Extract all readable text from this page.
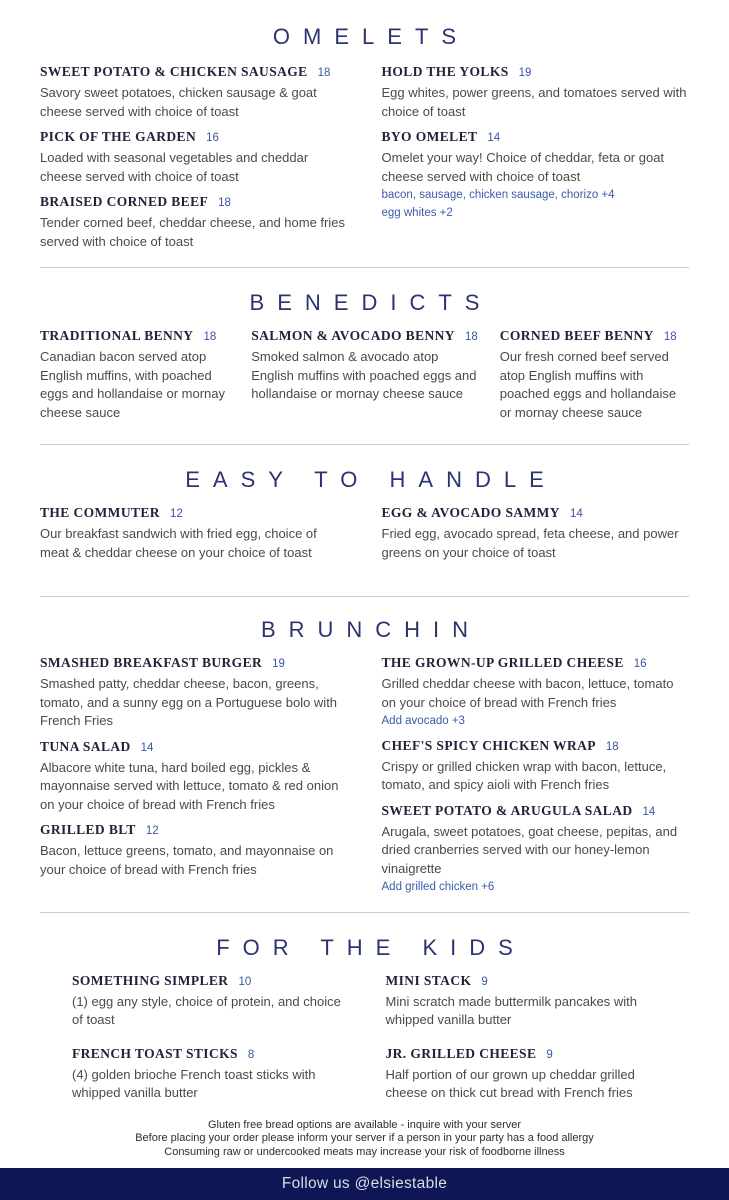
OMELETS
SWEET POTATO & CHICKEN SAUSAGE 18

Savory sweet potatoes, chicken sausage & goat cheese served with choice of toast

PICK OF THE GARDEN 16

Loaded with seasonal vegetables and cheddar cheese served with choice of toast

BRAISED CORNED BEEF 18

Tender corned beef, cheddar cheese, and home fries served with choice of toast

HOLD THE YOLKS 19

Egg whites, power greens, and tomatoes served with choice of toast

BYO OMELET 14

Omelet your way! Choice of cheddar, feta or goat cheese served with choice of toast

bacon, sausage, chicken sausage, chorizo +4

egg whites +2

BENEDICTS
TRADITIONAL BENNY 18

Canadian bacon served atop English muffins, with poached eggs and hollandaise or mornay cheese sauce

SALMON & AVOCADO BENNY 18

Smoked salmon & avocado atop English muffins with poached eggs and hollandaise or mornay cheese sauce

CORNED BEEF BENNY 18

Our fresh corned beef served atop English muffins with poached eggs and hollandaise or mornay cheese sauce

EASY TO HANDLE
THE COMMUTER 12

Our breakfast sandwich with fried egg, choice of meat & cheddar cheese on your choice of toast

EGG & AVOCADO SAMMY 14

Fried egg, avocado spread, feta cheese, and power greens on your choice of toast

BRUNCHIN
SMASHED BREAKFAST BURGER 19

Smashed patty, cheddar cheese, bacon, greens, tomato, and a sunny egg on a Portuguese bolo with French Fries

TUNA SALAD 14

Albacore white tuna, hard boiled egg, pickles & mayonnaise served with lettuce, tomato & red onion on your choice of bread with French fries

GRILLED BLT 12

Bacon, lettuce greens, tomato, and mayonnaise on your choice of bread with French fries

THE GROWN-UP GRILLED CHEESE 16

Grilled cheddar cheese with bacon, lettuce, tomato on your choice of bread with French fries

Add avocado +3

CHEF'S SPICY CHICKEN WRAP 18

Crispy or grilled chicken wrap with bacon, lettuce, tomato, and spicy aioli with French fries

SWEET POTATO & ARUGULA SALAD 14

Arugala, sweet potatoes, goat cheese, pepitas, and dried cranberries served with our honey-lemon vinaigrette

Add grilled chicken +6

FOR THE KIDS
SOMETHING SIMPLER 10

(1) egg any style, choice of protein, and choice of toast

FRENCH TOAST STICKS 8

(4) golden brioche French toast sticks with whipped vanilla butter

MINI STACK 9

Mini scratch made buttermilk pancakes with whipped vanilla butter

JR. GRILLED CHEESE 9

Half portion of our grown up cheddar grilled cheese on thick cut bread with French fries

Gluten free bread options are available - inquire with your server

Before placing your order please inform your server if a person in your party has a food allergy

Consuming raw or undercooked meats may increase your risk of foodborne illness

Follow us @elsiestable
